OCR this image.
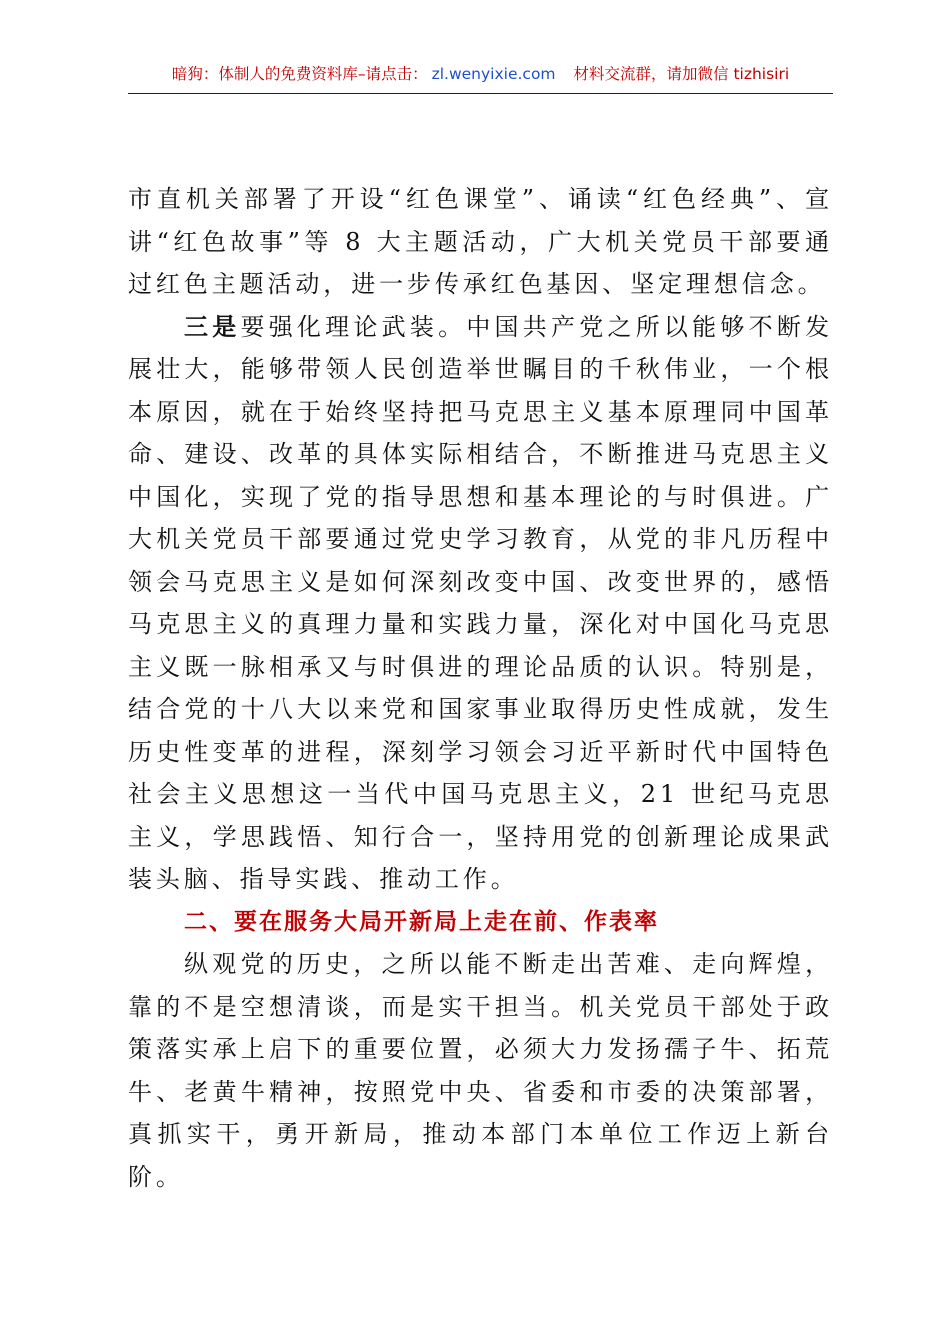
暗狗：体制人的免费资料库–请点击： zl.wenyixie.com 材料交流群，请加微信 tizhisiri

市直机关部署了开设“红色课堂”、诵读“红色经典”、宣讲“红色故事”等 8 大主题活动，广大机关党员干部要通过红色主题活动，进一步传承红色基因、坚定理想信念。

三是要强化理论武装。中国共产党之所以能够不断发展壮大，能够带领人民创造举世瞩目的千秋伟业，一个根本原因，就在于始终坚持把马克思主义基本原理同中国革命、建设、改革的具体实际相结合，不断推进马克思主义中国化，实现了党的指导思想和基本理论的与时俱进。广大机关党员干部要通过党史学习教育，从党的非凡历程中领会马克思主义是如何深刻改变中国、改变世界的，感悟马克思主义的真理力量和实践力量，深化对中国化马克思主义既一脉相承又与时俱进的理论品质的认识。特别是，结合党的十八大以来党和国家事业取得历史性成就，发生历史性变革的进程，深刻学习领会习近平新时代中国特色社会主义思想这一当代中国马克思主义，21 世纪马克思主义，学思践悟、知行合一，坚持用党的创新理论成果武装头脑、指导实践、推动工作。

二、要在服务大局开新局上走在前、作表率

纵观党的历史，之所以能不断走出苦难、走向辉煌，靠的不是空想清谈，而是实干担当。机关党员干部处于政策落实承上启下的重要位置，必须大力发扬孺子牛、拓荒牛、老黄牛精神，按照党中央、省委和市委的决策部署，真抓实干，勇开新局，推动本部门本单位工作迈上新台阶。
